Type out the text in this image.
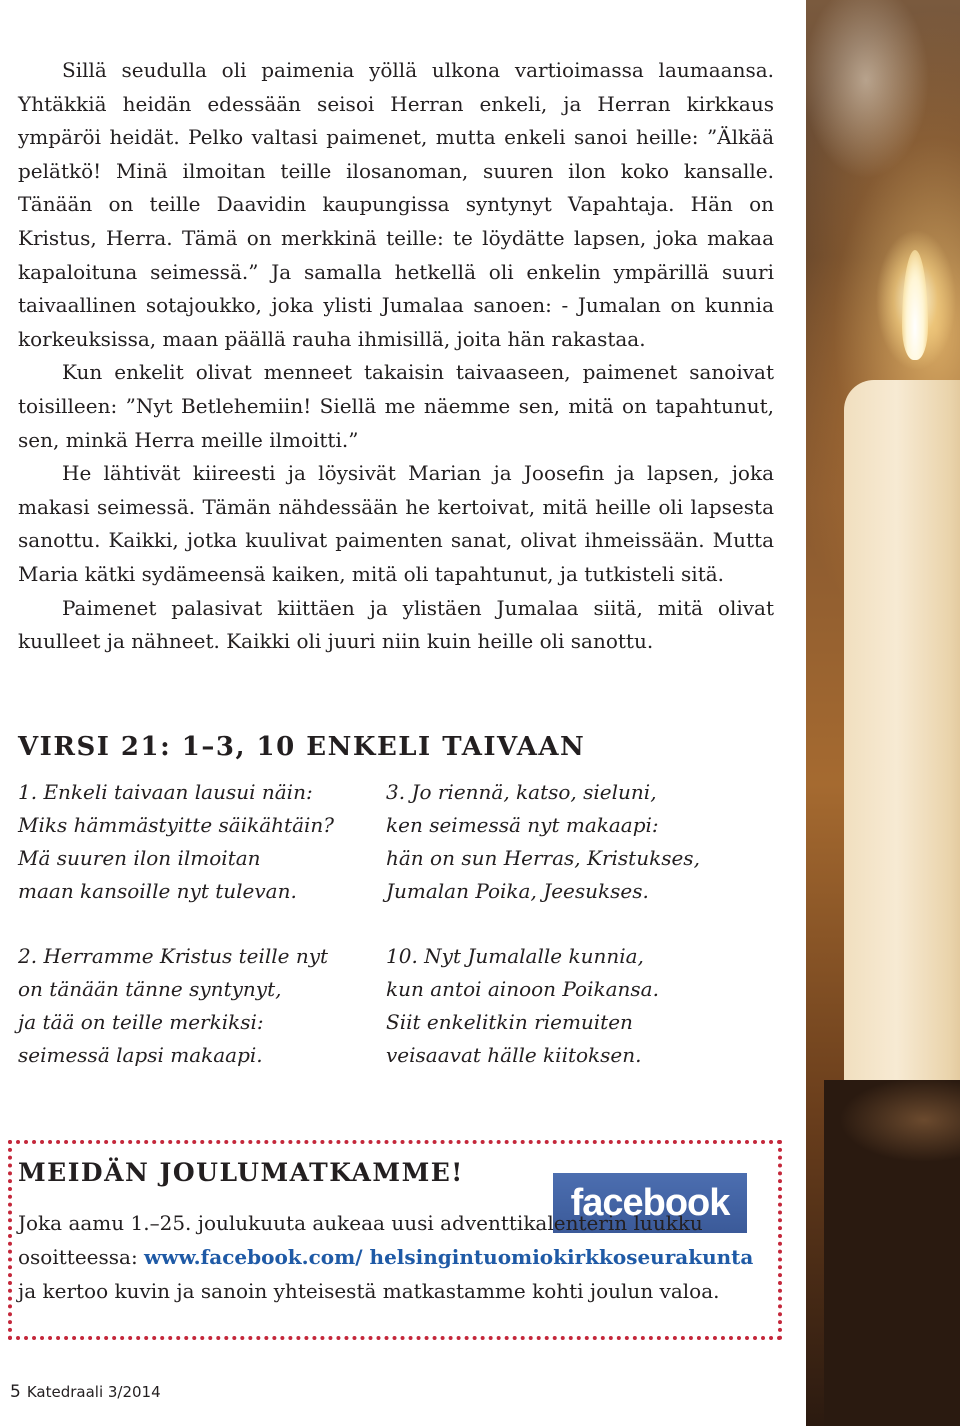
Sillä seudulla oli paimenia yöllä ulkona vartioimassa laumaansa. Yhtäkkiä heidän edessään seisoi Herran enkeli, ja Herran kirkkaus ympäröi heidät. Pelko valtasi paimenet, mutta enkeli sanoi heille: ”Älkää pelätkö! Minä ilmoitan teille ilosanoman, suuren ilon koko kansalle. Tänään on teille Daavidin kaupungissa syntynyt Vapahtaja. Hän on Kristus, Herra. Tämä on merkkinä teille: te löydätte lapsen, joka makaa kapaloituna seimessä.” Ja samalla hetkellä oli enkelin ympärillä suuri taivaallinen sotajoukko, joka ylisti Jumalaa sanoen: - Jumalan on kunnia korkeuksissa, maan päällä rauha ihmisillä, joita hän rakastaa.

Kun enkelit olivat menneet takaisin taivaaseen, paimenet sanoivat toisilleen: ”Nyt Betlehemiin! Siellä me näemme sen, mitä on tapahtunut, sen, minkä Herra meille ilmoitti.”

He lähtivät kiireesti ja löysivät Marian ja Joosefin ja lapsen, joka makasi seimessä. Tämän nähdessään he kertoivat, mitä heille oli lapsesta sanottu. Kaikki, jotka kuulivat paimenten sanat, olivat ihmeissään. Mutta Maria kätki sydämeensä kaiken, mitä oli tapahtunut, ja tutkisteli sitä.

Paimenet palasivat kiittäen ja ylistäen Jumalaa siitä, mitä olivat kuulleet ja nähneet. Kaikki oli juuri niin kuin heille oli sanottu.

VIRSI 21: 1–3, 10 ENKELI TAIVAAN

1. Enkeli taivaan lausui näin:
Miks hämmästyitte säikähtäin?
Mä suuren ilon ilmoitan
maan kansoille nyt tulevan.

2. Herramme Kristus teille nyt
on tänään tänne syntynyt,
ja tää on teille merkiksi:
seimessä lapsi makaapi.

3. Jo riennä, katso, sieluni,
ken seimessä nyt makaapi:
hän on sun Herras, Kristukses,
Jumalan Poika, Jeesukses.

10. Nyt Jumalalle kunnia,
kun antoi ainoon Poikansa.
Siit enkelitkin riemuiten
veisaavat hälle kiitoksen.

MEIDÄN JOULUMATKAMME!
facebook

Joka aamu 1.–25. joulukuuta aukeaa uusi adventtikalenterin luukku osoitteessa: www.facebook.com/ helsingintuomiokirkkoseurakunta ja kertoo kuvin ja sanoin yhteisestä matkastamme kohti joulun valoa.

5 Katedraali 3/2014
